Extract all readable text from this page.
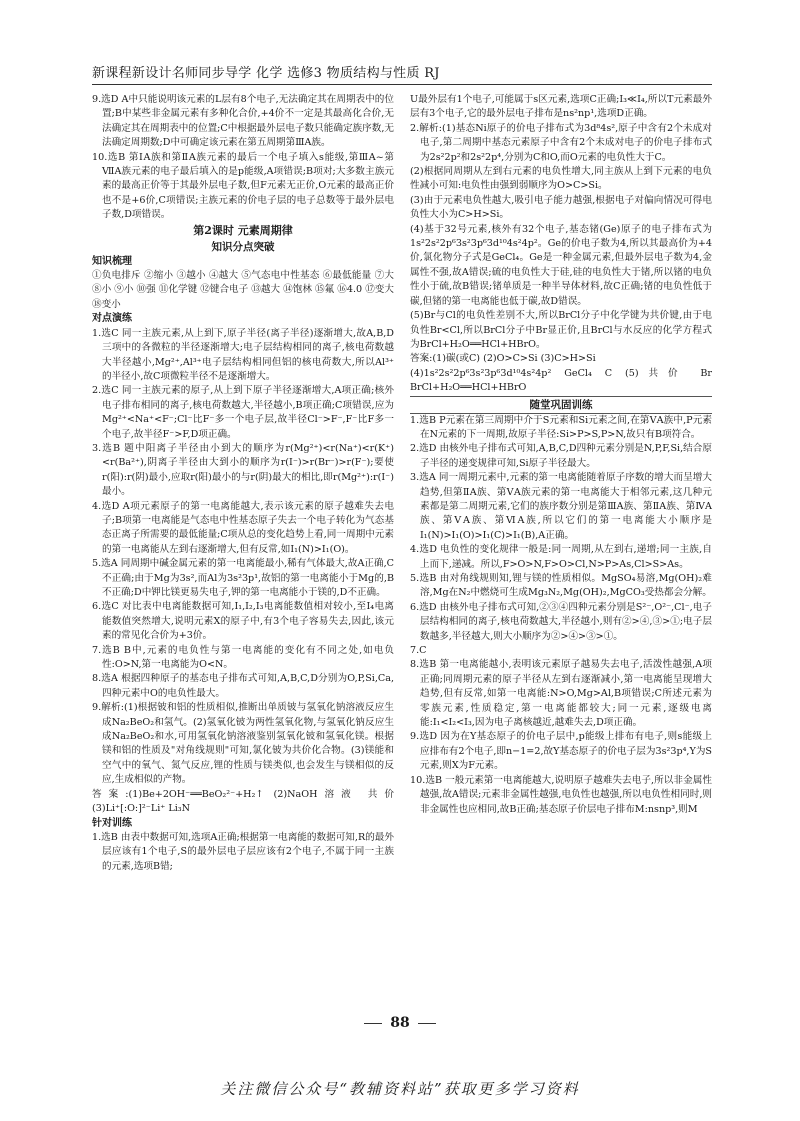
新课程新设计名师同步导学 化学 选修3 物质结构与性质 RJ

9.选D A中只能说明该元素的L层有8个电子,无法确定其在周期表中的位置;B中某些非金属元素有多种化合价,+4价不一定是其最高化合价,无法确定其在周期表中的位置;C中根据最外层电子数只能确定族序数,无法确定周期数;D中可确定该元素在第五周期第ⅢA族。

10.选B 第ⅠA族和第ⅡA族元素的最后一个电子填入s能级,第ⅢA~第ⅦA族元素的电子最后填入的是p能级,A项错误;B项对;大多数主族元素的最高正价等于其最外层电子数,但F元素无正价,O元素的最高正价也不是+6价,C项错误;主族元素的价电子层的电子总数等于最外层电子数,D项错误。

第2课时 元素周期律

知识分点突破

知识梳理

①负电排斥 ②缩小 ③越小 ④越大 ⑤气态电中性基态 ⑥最低能量 ⑦大 ⑧小 ⑨小 ⑩强 ⑪化学键 ⑫键合电子 ⑬越大 ⑭饱林 ⑮氟 ⑯4.0 ⑰变大 ⑱变小

对点演练

1.选C 同一主族元素,从上到下,原子半径(离子半径)逐渐增大,故A,B,D三项中的各微粒的半径逐渐增大;电子层结构相同的离子,核电荷数越大半径越小,Mg²⁺,Al³⁺电子层结构相同但铝的核电荷数大,所以Al³⁺的半径小,故C项微粒半径不是逐渐增大。

2.选C 同一主族元素的原子,从上到下原子半径逐渐增大,A项正确;核外电子排布相同的离子,核电荷数越大,半径越小,B项正确;C项错误,应为Mg²⁺<Na⁺<F⁻;Cl⁻比F⁻多一个电子层,故半径Cl⁻>F⁻,F⁻比F多一个电子,故半径F⁻>F,D项正确。

3.选B 题中阳离子半径由小到大的顺序为r(Mg²⁺)<r(Na⁺)<r(K⁺)<r(Ba²⁺),阴离子半径由大到小的顺序为r(I⁻)>r(Br⁻)>r(F⁻);要使r(阳):r(阴)最小,应取r(阳)最小的与r(阴)最大的相比,即r(Mg²⁺):r(I⁻)最小。

4.选D A项元素原子的第一电离能越大,表示该元素的原子越难失去电子;B项第一电离能是气态电中性基态原子失去一个电子转化为气态基态正离子所需要的最低能量;C项从总的变化趋势上看,同一周期中元素的第一电离能从左到右逐渐增大,但有反常,如I₁(N)>I₁(O)。

5.选A 同周期中碱金属元素的第一电离能最小,稀有气体最大,故A正确,C不正确;由于Mg为3s²,而Al为3s²3p¹,故铝的第一电离能小于Mg的,B不正确;D中钾比镁更易失电子,钾的第一电离能小于镁的,D不正确。

6.选C 对比表中电离能数据可知,I₁,I₂,I₃电离能数值相对较小,至I₄电离能数值突然增大,说明元素X的原子中,有3个电子容易失去,因此,该元素的常见化合价为+3价。

7.选B B中,元素的电负性与第一电离能的变化有不同之处,如电负性:O>N,第一电离能为O<N。

8.选A 根据四种原子的基态电子排布式可知,A,B,C,D分别为O,P,Si,Ca,四种元素中O的电负性最大。

9.解析:(1)根据铍和铝的性质相似,推断出单质铍与氢氧化钠溶液反应生成Na₂BeO₂和氢气。(2)氢氧化铍为两性氢氧化物,与氢氧化钠反应生成Na₂BeO₂和水,可用氢氧化钠溶液鉴别氢氧化铍和氢氧化镁。根据镁和铝的性质及"对角线规则"可知,氯化铍为共价化合物。(3)镁能和空气中的氧气、氮气反应,锂的性质与镁类似,也会发生与镁相似的反应,生成相似的产物。

答案:(1)Be+2OH⁻══BeO₂²⁻+H₂↑ (2)NaOH溶液 共价 (3)Li⁺[:O:]²⁻Li⁺ Li₃N

针对训练

1.选B 由表中数据可知,选项A正确;根据第一电离能的数据可知,R的最外层应该有1个电子,S的最外层电子层应该有2个电子,不属于同一主族的元素,选项B错;

U最外层有1个电子,可能属于s区元素,选项C正确;I₃≪I₄,所以T元素最外层有3个电子,它的最外层电子排布是ns²np¹,选项D正确。

2.解析:(1)基态Ni原子的价电子排布式为3d⁸4s²,原子中含有2个未成对电子,第二周期中基态元素原子中含有2个未成对电子的价电子排布式为2s²2p²和2s²2p⁴,分别为C和O,而O元素的电负性大于C。

(2)根据同周期从左到右元素的电负性增大,同主族从上到下元素的电负性减小可知:电负性由强到弱顺序为O>C>Si。

(3)由于元素电负性越大,吸引电子能力越强,根据电子对偏向情况可得电负性大小为C>H>Si。

(4)基于32号元素,核外有32个电子,基态锗(Ge)原子的电子排布式为1s²2s²2p⁶3s²3p⁶3d¹⁰4s²4p²。Ge的价电子数为4,所以其最高价为+4价,氯化物分子式是GeCl₄。Ge是一种金属元素,但最外层电子数为4,金属性不强,故A错误;硫的电负性大于硅,硅的电负性大于锗,所以锗的电负性小于硫,故B错误;锗单质是一种半导体材料,故C正确;锗的电负性低于碳,但锗的第一电离能也低于碳,故D错误。

(5)Br与Cl的电负性差别不大,所以BrCl分子中化学键为共价键,由于电负性Br<Cl,所以BrCl分子中Br显正价,且BrCl与水反应的化学方程式为BrCl+H₂O══HCl+HBrO。

答案:(1)碳(或C) (2)O>C>Si (3)C>H>Si

(4)1s²2s²2p⁶3s²3p⁶3d¹⁰4s²4p² GeCl₄ C (5)共价 Br BrCl+H₂O══HCl+HBrO

随堂巩固训练

1.选B P元素在第三周期中介于S元素和Si元素之间,在第ⅤA族中,P元素在N元素的下一周期,故原子半径:Si>P>S,P>N,故只有B项符合。

2.选D 由核外电子排布式可知,A,B,C,D四种元素分别是N,P,F,Si,结合原子半径的递变规律可知,Si原子半径最大。

3.选A 同一周期元素中,元素的第一电离能随着原子序数的增大而呈增大趋势,但第ⅡA族、第ⅤA族元素的第一电离能大于相邻元素,这几种元素都是第二周期元素,它们的族序数分别是第ⅢA族、第ⅡA族、第ⅣA族、第ⅤA族、第ⅥA族,所以它们的第一电离能大小顺序是I₁(N)>I₁(O)>I₁(C)>I₁(B),A正确。

4.选D 电负性的变化规律一般是:同一周期,从左到右,递增;同一主族,自上而下,递减。所以,F>O>N,F>O>Cl,N>P>As,Cl>S>As。

5.选B 由对角线规则知,锂与镁的性质相似。MgSO₄易溶,Mg(OH)₂难溶,Mg在N₂中燃烧可生成Mg₃N₂,Mg(OH)₂,MgCO₃受热都会分解。

6.选D 由核外电子排布式可知,②③④四种元素分别是S²⁻,O²⁻,Cl⁻,电子层结构相同的离子,核电荷数越大,半径越小,则有②>④,③>①;电子层数越多,半径越大,则大小顺序为②>④>③>①。

7.C

8.选B 第一电离能越小,表明该元素原子越易失去电子,活泼性越强,A项正确;同周期元素的原子半径从左到右逐渐减小,第一电离能呈现增大趋势,但有反常,如第一电离能:N>O,Mg>Al,B项错误;C所述元素为零族元素,性质稳定,第一电离能都较大;同一元素,逐级电离能:I₁<I₂<I₃,因为电子离核越近,越难失去,D项正确。

9.选D 因为在Y基态原子的价电子层中,p能级上排布有电子,则s能级上应排布有2个电子,即n−1=2,故Y基态原子的价电子层为3s²3p⁴,Y为S元素,则X为F元素。

10.选B 一般元素第一电离能越大,说明原子越难失去电子,所以非金属性越强,故A错误;元素非金属性越强,电负性也越强,所以电负性相同时,则非金属性也应相同,故B正确;基态原子价层电子排布M:nsnp³,则M

88
关注微信公众号“教辅资料站”获取更多学习资料
